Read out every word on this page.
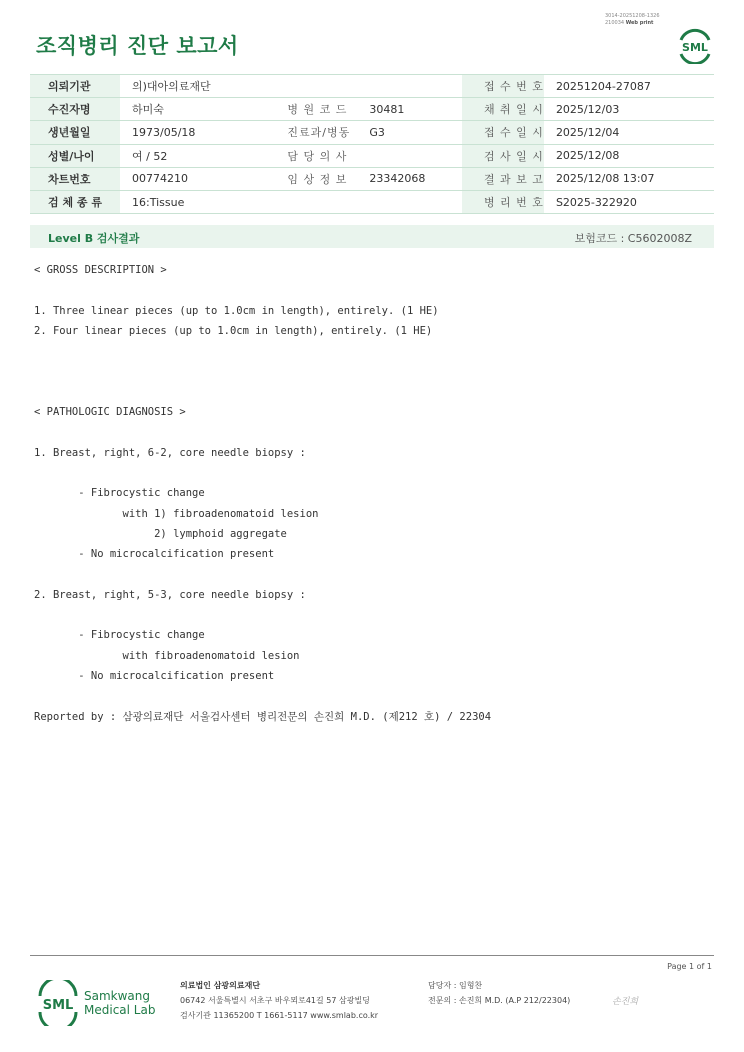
3014-20251208-1326
210034 Web print
조직병리 진단 보고서	SML
의뢰기관	의)대아의료재단			접 수 번 호	20251204-27087
수진자명	하미숙	병 원 코 드	30481	채 취 일 시	2025/12/03
생년월일	1973/05/18	진료과/병동	G3	접 수 일 시	2025/12/04
성별/나이	여 / 52	담 당 의 사		검 사 일 시	2025/12/08
차트번호	00774210	임 상 정 보	23342068	결 과 보 고	2025/12/08 13:07
검 체 종 류	16:Tissue			병 리 번 호	S2025-322920
Level B 검사결과	보험코드 : C5602008Z
< GROSS DESCRIPTION >

1. Three linear pieces (up to 1.0cm in length), entirely. (1 HE)
2. Four linear pieces (up to 1.0cm in length), entirely. (1 HE)

< PATHOLOGIC DIAGNOSIS >

1. Breast, right, 6-2, core needle biopsy :

- Fibrocystic change
with 1) fibroadenomatoid lesion
2) lymphoid aggregate
- No microcalcification present

2. Breast, right, 5-3, core needle biopsy :

- Fibrocystic change
with fibroadenomatoid lesion
- No microcalcification present

Reported by : 삼광의료재단 서울검사센터 병리전문의 손진희 M.D. (제212 호) / 22304
Page 1 of 1
SML
Samkwang
Medical Lab
의료법인 삼광의료재단
06742 서울특별시 서초구 바우뫼로41길 57 삼광빌딩
검사기관 11365200 T 1661-5117 www.smlab.co.kr
담당자 : 임형찬
전문의 : 손진희 M.D. (A.P 212/22304)	손진희
